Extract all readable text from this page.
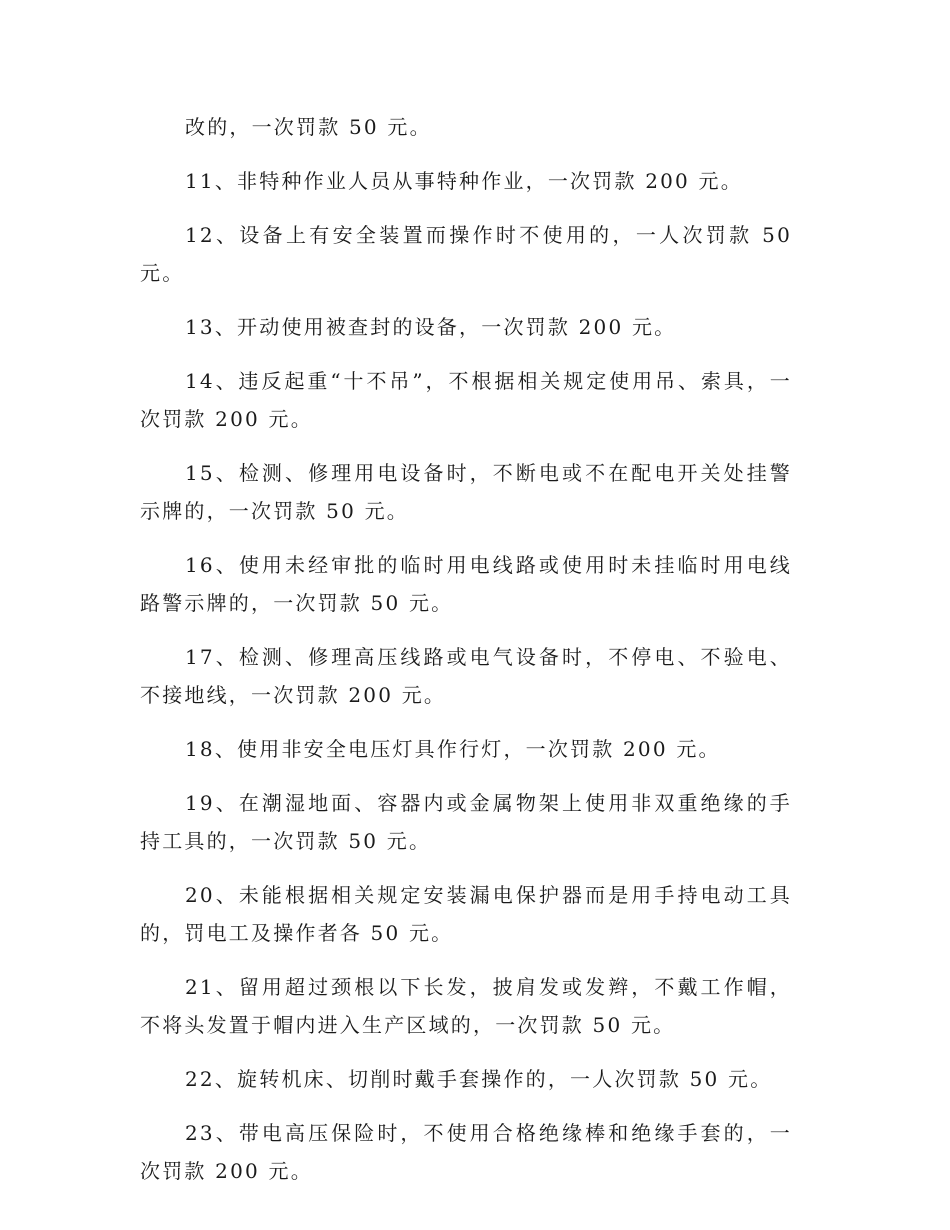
改的，一次罚款 50 元。

11、非特种作业人员从事特种作业，一次罚款 200 元。

12、设备上有安全装置而操作时不使用的，一人次罚款 50 元。

13、开动使用被查封的设备，一次罚款 200 元。

14、违反起重“十不吊”，不根据相关规定使用吊、索具，一次罚款 200 元。

15、检测、修理用电设备时，不断电或不在配电开关处挂警示牌的，一次罚款 50 元。

16、使用未经审批的临时用电线路或使用时未挂临时用电线路警示牌的，一次罚款 50 元。

17、检测、修理高压线路或电气设备时，不停电、不验电、不接地线，一次罚款 200 元。

18、使用非安全电压灯具作行灯，一次罚款 200 元。

19、在潮湿地面、容器内或金属物架上使用非双重绝缘的手持工具的，一次罚款 50 元。

20、未能根据相关规定安装漏电保护器而是用手持电动工具的，罚电工及操作者各 50 元。

21、留用超过颈根以下长发，披肩发或发辫，不戴工作帽，不将头发置于帽内进入生产区域的，一次罚款 50 元。

22、旋转机床、切削时戴手套操作的，一人次罚款 50 元。

23、带电高压保险时，不使用合格绝缘棒和绝缘手套的，一次罚款 200 元。
